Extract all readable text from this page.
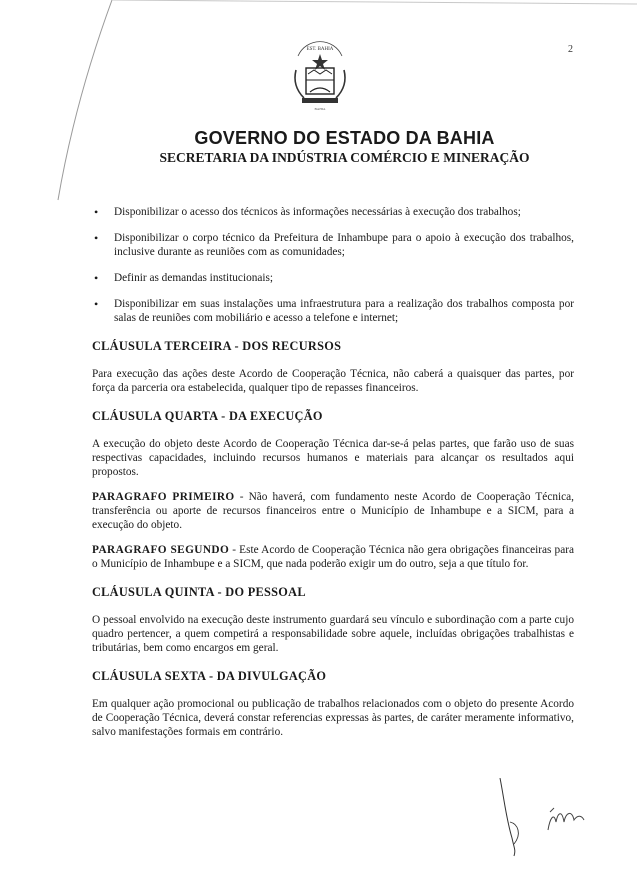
2
EST. BAHIA
BAHIA
GOVERNO DO ESTADO DA BAHIA
SECRETARIA DA INDÚSTRIA COMÉRCIO E MINERAÇÃO
• Disponibilizar o acesso dos técnicos às informações necessárias à execução dos trabalhos;
• Disponibilizar o corpo técnico da Prefeitura de Inhambupe para o apoio à execução dos trabalhos, inclusive durante as reuniões com as comunidades;
• Definir as demandas institucionais;
• Disponibilizar em suas instalações uma infraestrutura para a realização dos trabalhos composta por salas de reuniões com mobiliário e acesso a telefone e internet;
CLÁUSULA TERCEIRA - DOS RECURSOS

Para execução das ações deste Acordo de Cooperação Técnica, não caberá a quaisquer das partes, por força da parceria ora estabelecida, qualquer tipo de repasses financeiros.

CLÁUSULA QUARTA - DA EXECUÇÃO

A execução do objeto deste Acordo de Cooperação Técnica dar-se-á pelas partes, que farão uso de suas respectivas capacidades, incluindo recursos humanos e materiais para alcançar os resultados aqui propostos.

PARAGRAFO PRIMEIRO - Não haverá, com fundamento neste Acordo de Cooperação Técnica, transferência ou aporte de recursos financeiros entre o Município de Inhambupe e a SICM, para a execução do objeto.

PARAGRAFO SEGUNDO - Este Acordo de Cooperação Técnica não gera obrigações financeiras para o Município de Inhambupe e a SICM, que nada poderão exigir um do outro, seja a que título for.

CLÁUSULA QUINTA - DO PESSOAL

O pessoal envolvido na execução deste instrumento guardará seu vínculo e subordinação com a parte cujo quadro pertencer, a quem competirá a responsabilidade sobre aquele, incluídas obrigações trabalhistas e tributárias, bem como encargos em geral.

CLÁUSULA SEXTA - DA DIVULGAÇÃO

Em qualquer ação promocional ou publicação de trabalhos relacionados com o objeto do presente Acordo de Cooperação Técnica, deverá constar referencias expressas às partes, de caráter meramente informativo, salvo manifestações formais em contrário.
